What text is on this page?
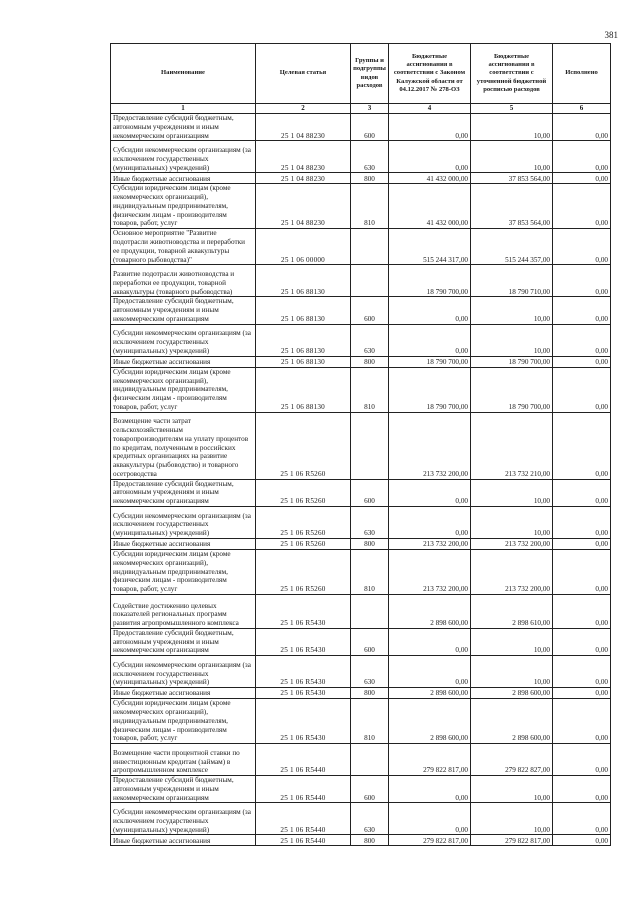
381
Наименование	Целевая статья	Группы и подгруппы видов расходов	Бюджетные ассигнования в соответствии с Законом Калужской области от 04.12.2017 № 278-ОЗ	Бюджетные ассигнования в соответствии с уточненной бюджетной росписью расходов	Исполнено
1	2	3	4	5	6
Предоставление субсидий бюджетным, автономным учреждениям и иным некоммерческим организациям	25 1 04 88230	600	0,00	10,00	0,00
Субсидии некоммерческим организациям (за исключением государственных (муниципальных) учреждений)	25 1 04 88230	630	0,00	10,00	0,00
Иные бюджетные ассигнования	25 1 04 88230	800	41 432 000,00	37 853 564,00	0,00
Субсидии юридическим лицам (кроме некоммерческих организаций), индивидуальным предпринимателям, физическим лицам - производителям товаров, работ, услуг	25 1 04 88230	810	41 432 000,00	37 853 564,00	0,00
Основное мероприятие "Развитие подотрасли животноводства и переработки ее продукции, товарной аквакультуры (товарного рыбоводства)"	25 1 06 00000		515 244 317,00	515 244 357,00	0,00
Развитие подотрасли животноводства и переработки ее продукции, товарной аквакультуры (товарного рыбоводства)	25 1 06 88130		18 790 700,00	18 790 710,00	0,00
Предоставление субсидий бюджетным, автономным учреждениям и иным некоммерческим организациям	25 1 06 88130	600	0,00	10,00	0,00
Субсидии некоммерческим организациям (за исключением государственных (муниципальных) учреждений)	25 1 06 88130	630	0,00	10,00	0,00
Иные бюджетные ассигнования	25 1 06 88130	800	18 790 700,00	18 790 700,00	0,00
Субсидии юридическим лицам (кроме некоммерческих организаций), индивидуальным предпринимателям, физическим лицам - производителям товаров, работ, услуг	25 1 06 88130	810	18 790 700,00	18 790 700,00	0,00
Возмещение части затрат сельскохозяйственным товаропроизводителям на уплату процентов по кредитам, полученным в российских кредитных организациях на развитие аквакультуры (рыбоводство) и товарного осетроводства	25 1 06 R5260		213 732 200,00	213 732 210,00	0,00
Предоставление субсидий бюджетным, автономным учреждениям и иным некоммерческим организациям	25 1 06 R5260	600	0,00	10,00	0,00
Субсидии некоммерческим организациям (за исключением государственных (муниципальных) учреждений)	25 1 06 R5260	630	0,00	10,00	0,00
Иные бюджетные ассигнования	25 1 06 R5260	800	213 732 200,00	213 732 200,00	0,00
Субсидии юридическим лицам (кроме некоммерческих организаций), индивидуальным предпринимателям, физическим лицам - производителям товаров, работ, услуг	25 1 06 R5260	810	213 732 200,00	213 732 200,00	0,00
Содействие достижению целевых показателей региональных программ развития агропромышленного комплекса	25 1 06 R5430		2 898 600,00	2 898 610,00	0,00
Предоставление субсидий бюджетным, автономным учреждениям и иным некоммерческим организациям	25 1 06 R5430	600	0,00	10,00	0,00
Субсидии некоммерческим организациям (за исключением государственных (муниципальных) учреждений)	25 1 06 R5430	630	0,00	10,00	0,00
Иные бюджетные ассигнования	25 1 06 R5430	800	2 898 600,00	2 898 600,00	0,00
Субсидии юридическим лицам (кроме некоммерческих организаций), индивидуальным предпринимателям, физическим лицам - производителям товаров, работ, услуг	25 1 06 R5430	810	2 898 600,00	2 898 600,00	0,00
Возмещение части процентной ставки по инвестиционным кредитам (займам) в агропромышленном комплексе	25 1 06 R5440		279 822 817,00	279 822 827,00	0,00
Предоставление субсидий бюджетным, автономным учреждениям и иным некоммерческим организациям	25 1 06 R5440	600	0,00	10,00	0,00
Субсидии некоммерческим организациям (за исключением государственных (муниципальных) учреждений)	25 1 06 R5440	630	0,00	10,00	0,00
Иные бюджетные ассигнования	25 1 06 R5440	800	279 822 817,00	279 822 817,00	0,00
